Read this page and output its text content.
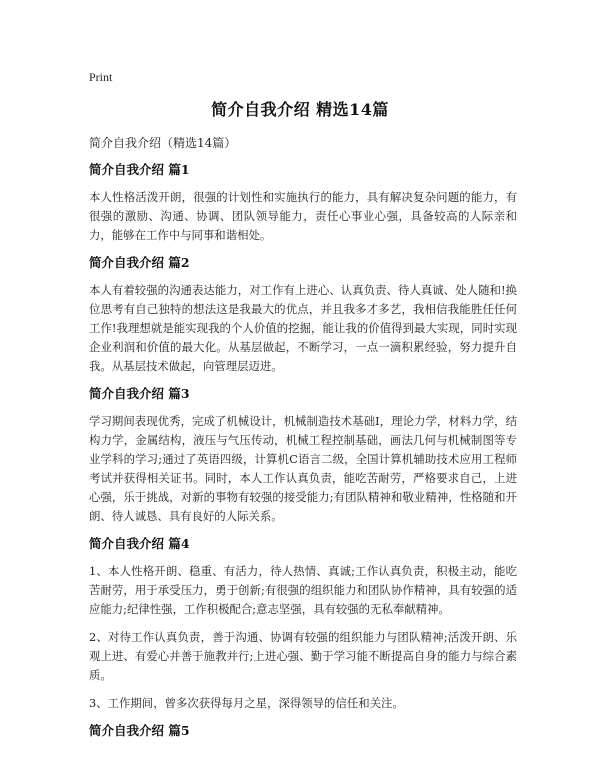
Print
简介自我介绍 精选14篇
简介自我介绍（精选14篇）
简介自我介绍 篇1
本人性格活泼开朗，很强的计划性和实施执行的能力，具有解决复杂问题的能力，有很强的激励、沟通、协调、团队领导能力，责任心事业心强，具备较高的人际亲和力，能够在工作中与同事和谐相处。
简介自我介绍 篇2
本人有着较强的沟通表达能力，对工作有上进心、认真负责、待人真诚、处人随和!换位思考有自己独特的想法这是我最大的优点，并且我多才多艺，我相信我能胜任任何工作!我理想就是能实现我的个人价值的挖掘，能让我的价值得到最大实现，同时实现企业利润和价值的最大化。从基层做起，不断学习，一点一滴积累经验，努力提升自我。从基层技术做起，向管理层迈进。
简介自我介绍 篇3
学习期间表现优秀，完成了机械设计，机械制造技术基础I，理论力学，材料力学，结构力学，金属结构，液压与气压传动，机械工程控制基础，画法几何与机械制图等专业学科的学习;通过了英语四级，计算机C语言二级，全国计算机辅助技术应用工程师考试并获得相关证书。同时，本人工作认真负责，能吃苦耐劳，严格要求自己，上进心强，乐于挑战，对新的事物有较强的接受能力;有团队精神和敬业精神，性格随和开朗、待人诚恳、具有良好的人际关系。
简介自我介绍 篇4
1、本人性格开朗、稳重、有活力，待人热情、真诚;工作认真负责，积极主动，能吃苦耐劳，用于承受压力，勇于创新;有很强的组织能力和团队协作精神，具有较强的适应能力;纪律性强，工作积极配合;意志坚强，具有较强的无私奉献精神。
2、对待工作认真负责，善于沟通、协调有较强的组织能力与团队精神;活泼开朗、乐观上进、有爱心并善于施教并行;上进心强、勤于学习能不断提高自身的能力与综合素质。
3、工作期间，曾多次获得每月之星，深得领导的信任和关注。
简介自我介绍 篇5
